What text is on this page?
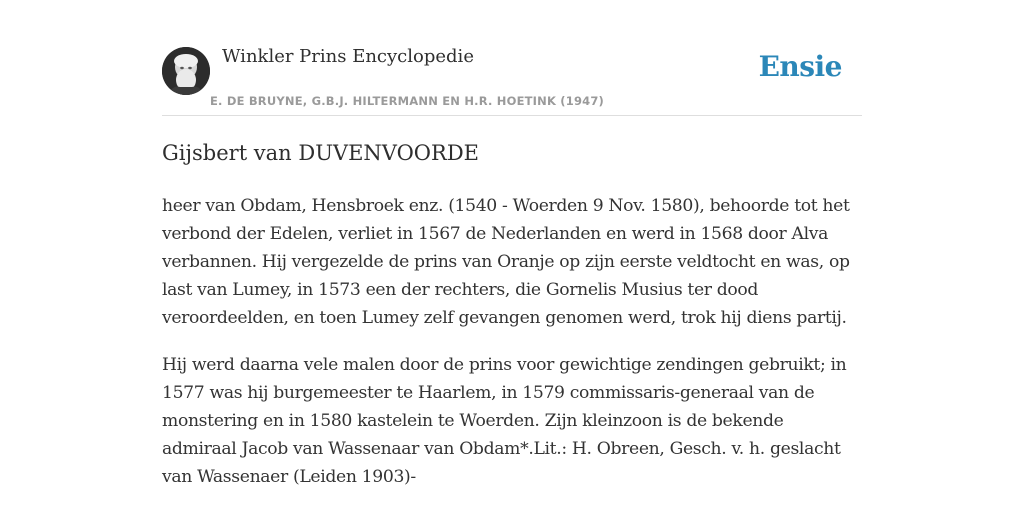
Winkler Prins Encyclopedie
E. DE BRUYNE, G.B.J. HILTERMANN EN H.R. HOETINK (1947)
Ensie
Gijsbert van DUVENVOORDE

heer van Obdam, Hensbroek enz. (1540 - Woerden 9 Nov. 1580), behoorde tot het verbond der Edelen, verliet in 1567 de Nederlanden en werd in 1568 door Alva verbannen. Hij vergezelde de prins van Oranje op zijn eerste veldtocht en was, op last van Lumey, in 1573 een der rechters, die Gornelis Musius ter dood veroordeelden, en toen Lumey zelf gevangen genomen werd, trok hij diens partij.

Hij werd daarna vele malen door de prins voor gewichtige zendingen gebruikt; in 1577 was hij burgemeester te Haarlem, in 1579 commissaris-generaal van de monstering en in 1580 kastelein te Woerden. Zijn kleinzoon is de bekende admiraal Jacob van Wassenaar van Obdam*.Lit.: H. Obreen, Gesch. v. h. geslacht van Wassenaer (Leiden 1903)-
